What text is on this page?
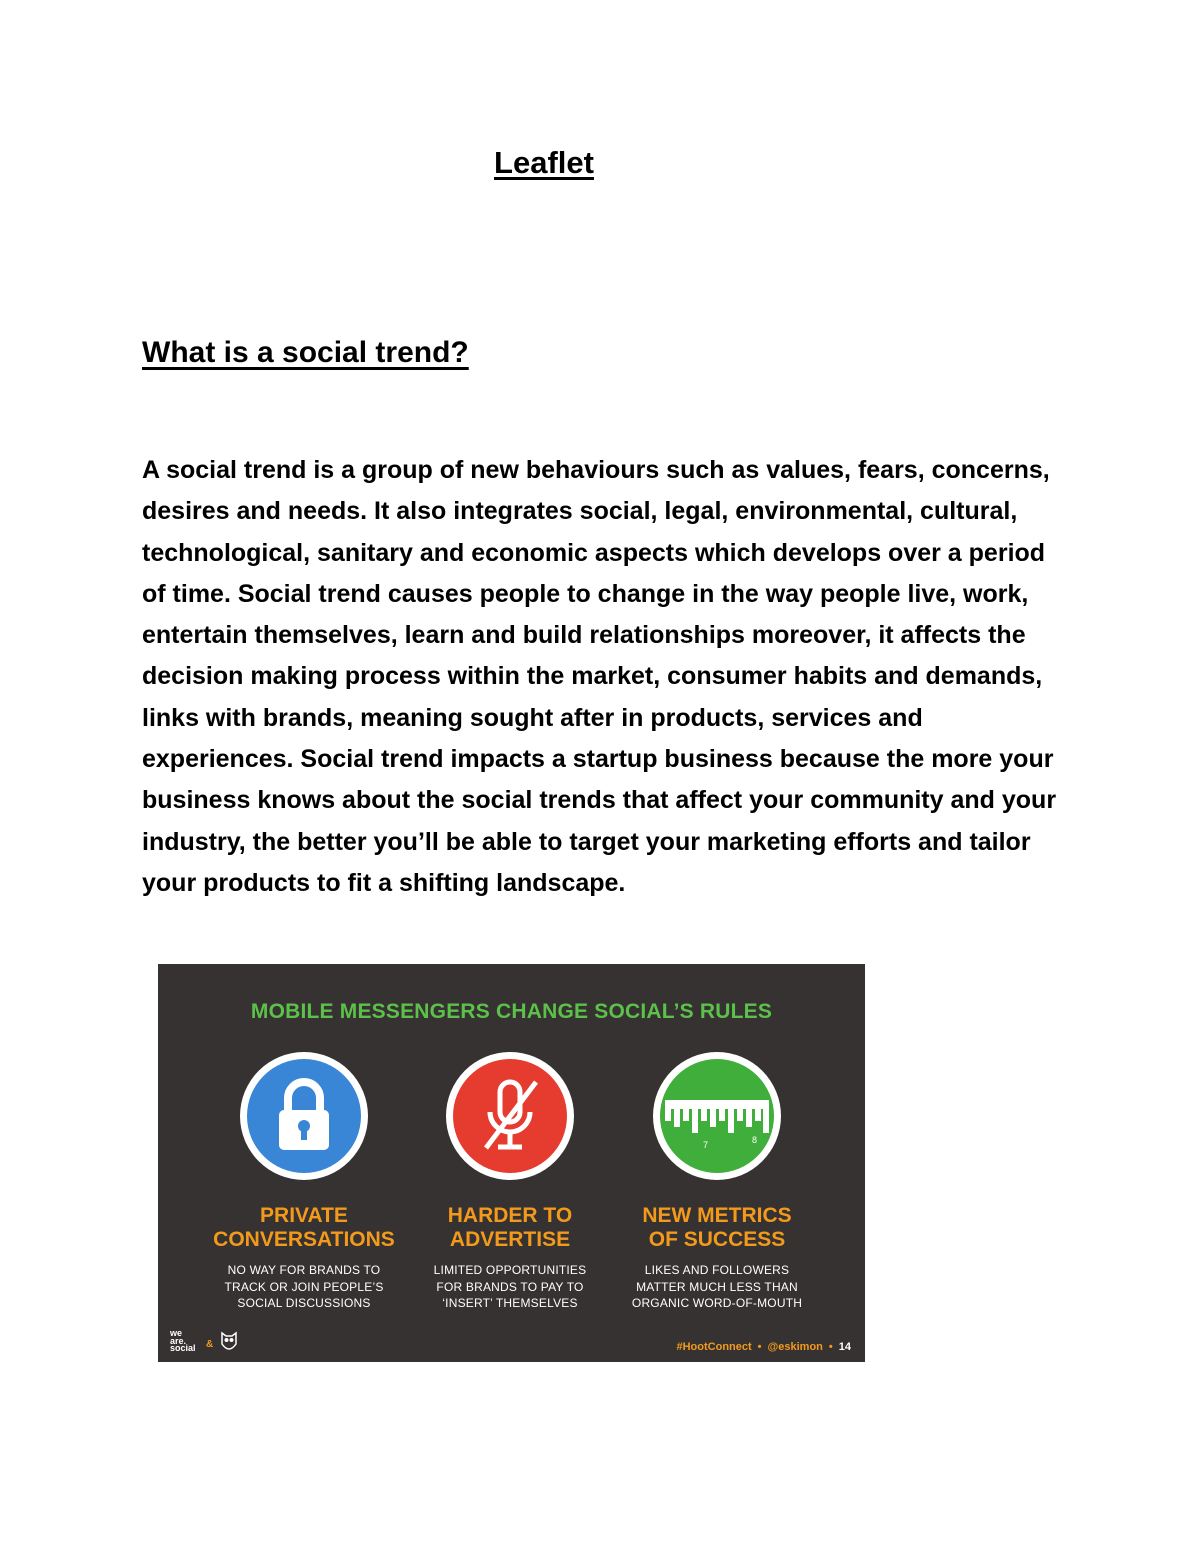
Leaflet
What is a social trend?

A social trend is a group of new behaviours such as values, fears, concerns, desires and needs. It also integrates social, legal, environmental, cultural, technological, sanitary and economic aspects which develops over a period of time. Social trend causes people to change in the way people live, work, entertain themselves, learn and build relationships moreover, it affects the decision making process within the market, consumer habits and demands, links with brands, meaning sought after in products, services and experiences. Social trend impacts a startup business because the more your business knows about the social trends that affect your community and your industry, the better you’ll be able to target your marketing efforts and tailor your products to fit a shifting landscape.

MOBILE MESSENGERS CHANGE SOCIAL’S RULES

PRIVATE
CONVERSATIONS
NO WAY FOR BRANDS TO
TRACK OR JOIN PEOPLE’S
SOCIAL DISCUSSIONS
HARDER TO
ADVERTISE
LIMITED OPPORTUNITIES
FOR BRANDS TO PAY TO
‘INSERT’ THEMSELVES
7	8
NEW METRICS
OF SUCCESS
LIKES AND FOLLOWERS
MATTER MUCH LESS THAN
ORGANIC WORD-OF-MOUTH
we
are.
social &	#HootConnect • @eskimon • 14
